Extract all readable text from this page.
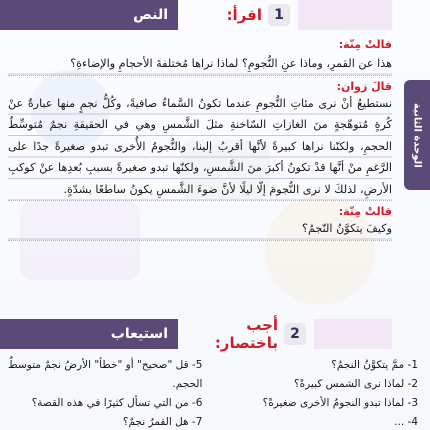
النص	1
اقرأ:
الوحدة الثانية
قالتْ مِنّة:
هذا عن القمرِ، وماذا عنِ النُّجومِ؟ لماذا نراها مُختلفةَ الأحجامِ والإضاءةِ؟
قالَ زوان:
نستطيعُ أنْ نرى مئاتِ النُّجومِ عندما تكونُ السَّماءُ صافيةً، وكُلُّ نجمٍ منها عبارةٌ عنْ كُرةٍ مُتوهّجةٍ منَ الغازاتِ السّاخنةِ مثلَ الشَّمسِ وهي في الحقيقةِ نجمٌ مُتوسِّطُ الحجمِ، ولكنّنا نراها كبيرةً لأنَّها أقربُ إلينا، والنُّجومُ الأُخرى تبدو صغيرةً جدًا على الرَّغمِ منْ أنَّها قدْ تكونُ أكبرَ منَ الشَّمسِ، ولكنّها تبدو صغيرةً بسببِ بُعدِها عنْ كوكبِ الأرضِ، لذلكَ لا نرى النُّجومَ إلّا ليلًا لأنَّ ضوءَ الشَّمسِ يكونُ ساطعًا بشدّةٍ.
قالتْ مِنّة:
وكيفَ يتكوَّنُ النّجمُ؟
استيعاب	2
أجب باختصار:
1- ممَّ يتكوَّنُ النجمُ؟
2- لماذا نرى الشمس كبيرةً؟
3- لماذا تبدو النجومُ الأخرى صغيرةً؟
4- ...
5- قل "صحيح" أو "خطأ" الأرضُ نجمٌ متوسطُ
الحجم.
6- من التي تسأل كثيرًا في هذه القصة؟
7- هل القمرُ نجمٌ؟
